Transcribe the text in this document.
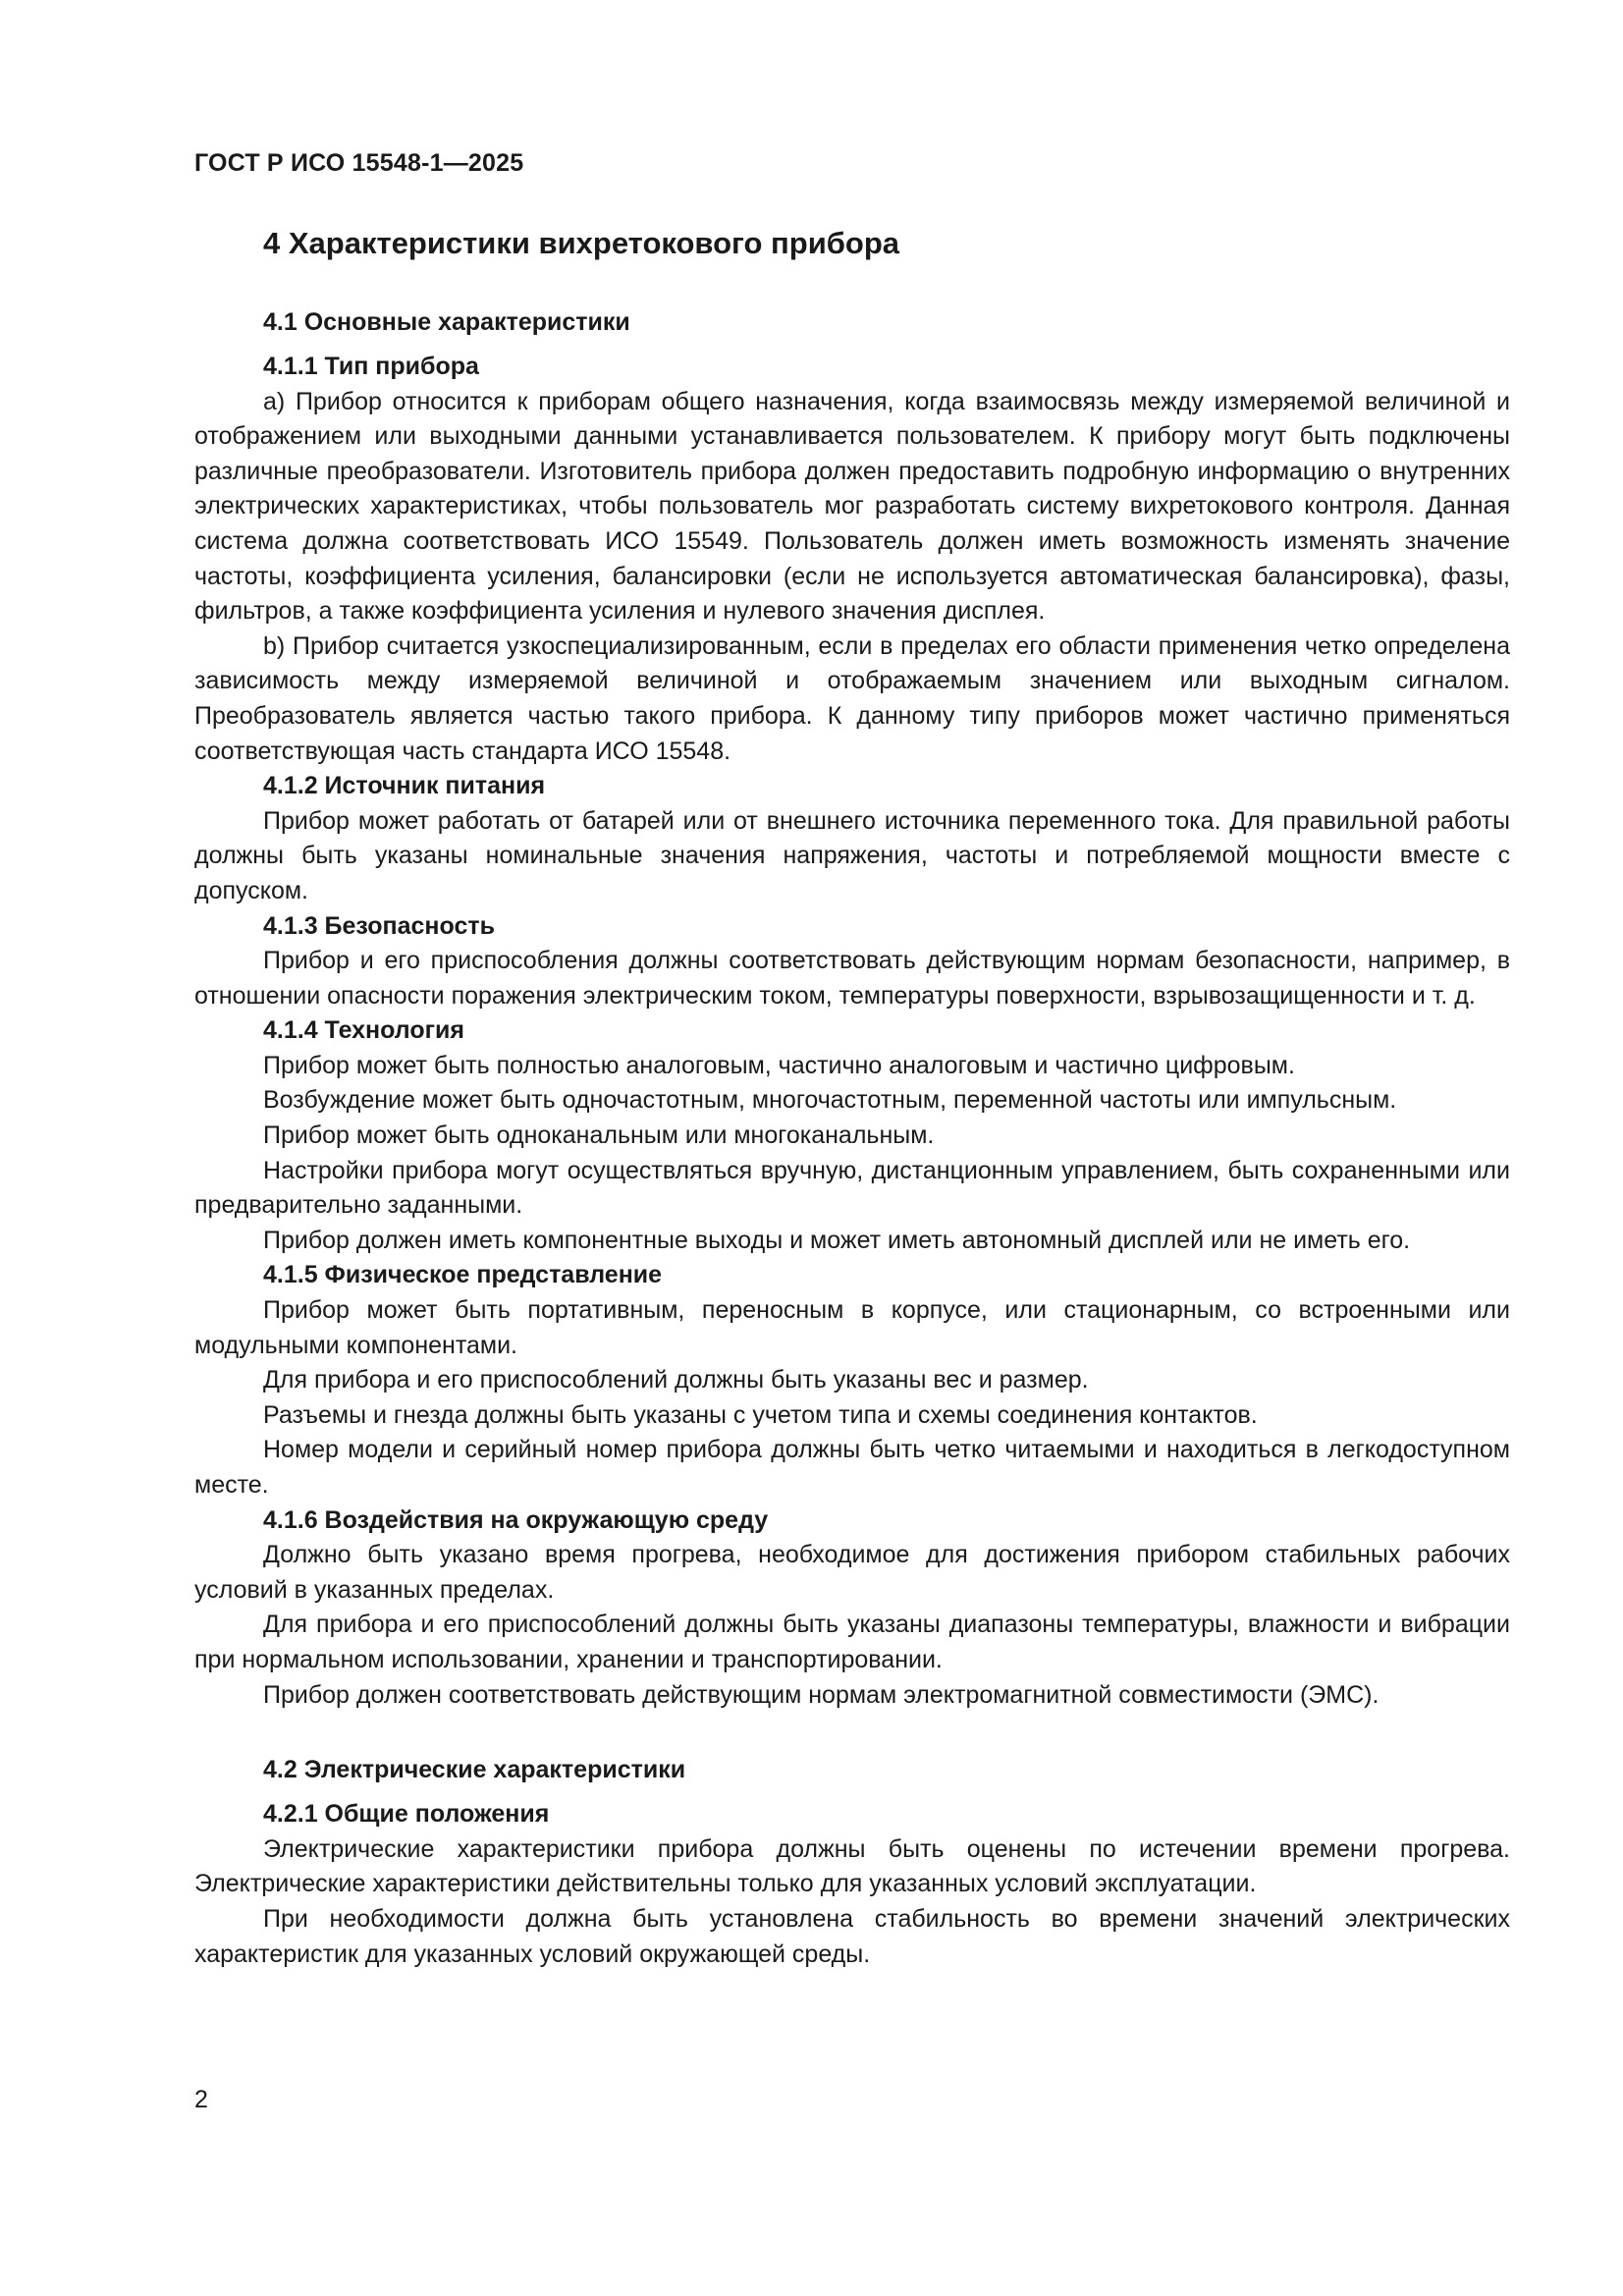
ГОСТ Р ИСО 15548-1—2025
4 Характеристики вихретокового прибора
4.1 Основные характеристики
4.1.1 Тип прибора

а) Прибор относится к приборам общего назначения, когда взаимосвязь между измеряемой величиной и отображением или выходными данными устанавливается пользователем. К прибору могут быть подключены различные преобразователи. Изготовитель прибора должен предоставить подробную информацию о внутренних электрических характеристиках, чтобы пользователь мог разработать систему вихретокового контроля. Данная система должна соответствовать ИСО 15549. Пользователь должен иметь возможность изменять значение частоты, коэффициента усиления, балансировки (если не используется автоматическая балансировка), фазы, фильтров, а также коэффициента усиления и нулевого значения дисплея.

b) Прибор считается узкоспециализированным, если в пределах его области применения четко определена зависимость между измеряемой величиной и отображаемым значением или выходным сигналом. Преобразователь является частью такого прибора. К данному типу приборов может частично применяться соответствующая часть стандарта ИСО 15548.

4.1.2 Источник питания

Прибор может работать от батарей или от внешнего источника переменного тока. Для правильной работы должны быть указаны номинальные значения напряжения, частоты и потребляемой мощности вместе с допуском.

4.1.3 Безопасность

Прибор и его приспособления должны соответствовать действующим нормам безопасности, например, в отношении опасности поражения электрическим током, температуры поверхности, взрывозащищенности и т. д.

4.1.4 Технология

Прибор может быть полностью аналоговым, частично аналоговым и частично цифровым.

Возбуждение может быть одночастотным, многочастотным, переменной частоты или импульсным.

Прибор может быть одноканальным или многоканальным.

Настройки прибора могут осуществляться вручную, дистанционным управлением, быть сохраненными или предварительно заданными.

Прибор должен иметь компонентные выходы и может иметь автономный дисплей или не иметь его.

4.1.5 Физическое представление

Прибор может быть портативным, переносным в корпусе, или стационарным, со встроенными или модульными компонентами.

Для прибора и его приспособлений должны быть указаны вес и размер.

Разъемы и гнезда должны быть указаны с учетом типа и схемы соединения контактов.

Номер модели и серийный номер прибора должны быть четко читаемыми и находиться в легкодоступном месте.

4.1.6 Воздействия на окружающую среду

Должно быть указано время прогрева, необходимое для достижения прибором стабильных рабочих условий в указанных пределах.

Для прибора и его приспособлений должны быть указаны диапазоны температуры, влажности и вибрации при нормальном использовании, хранении и транспортировании.

Прибор должен соответствовать действующим нормам электромагнитной совместимости (ЭМС).

4.2 Электрические характеристики
4.2.1 Общие положения

Электрические характеристики прибора должны быть оценены по истечении времени прогрева. Электрические характеристики действительны только для указанных условий эксплуатации.

При необходимости должна быть установлена стабильность во времени значений электрических характеристик для указанных условий окружающей среды.

2
